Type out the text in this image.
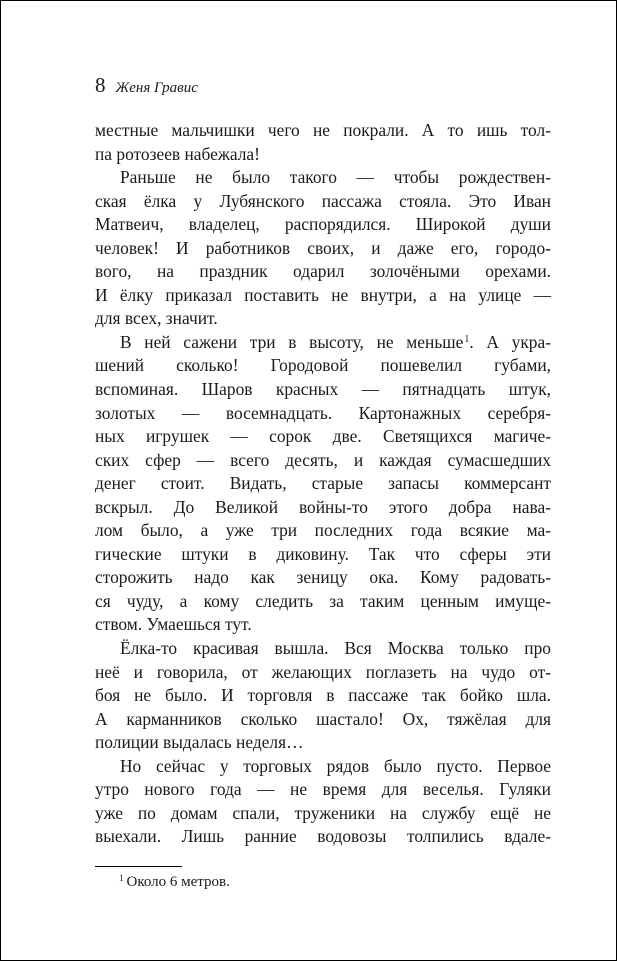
8 Женя Гравис
местные мальчишки чего не покрали. А то ишь тол-
па ротозеев набежала!
Раньше не было такого — чтобы рождествен-
ская ёлка у Лубянского пассажа стояла. Это Иван
Матвеич, владелец, распорядился. Широкой души
человек! И работников своих, и даже его, городо-
вого, на праздник одарил золочёными орехами.
И ёлку приказал поставить не внутри, а на улице —
для всех, значит.
В ней сажени три в высоту, не меньше$^1$. А укра-
шений сколько! Городовой пошевелил губами,
вспоминая. Шаров красных — пятнадцать штук,
золотых — восемнадцать. Картонажных серебря-
ных игрушек — сорок две. Светящихся магиче-
ских сфер — всего десять, и каждая сумасшедших
денег стоит. Видать, старые запасы коммерсант
вскрыл. До Великой войны-то этого добра нава-
лом было, а уже три последних года всякие ма-
гические штуки в диковину. Так что сферы эти
сторожить надо как зеницу ока. Кому радовать-
ся чуду, а кому следить за таким ценным имуще-
ством. Умаешься тут.
Ёлка-то красивая вышла. Вся Москва только про
неё и говорила, от желающих поглазеть на чудо от-
боя не было. И торговля в пассаже так бойко шла.
А карманников сколько шастало! Ох, тяжёлая для
полиции выдалась неделя…
Но сейчас у торговых рядов было пусто. Первое
утро нового года — не время для веселья. Гуляки
уже по домам спали, труженики на службу ещё не
выехали. Лишь ранние водовозы толпились вдале-
$^1$ Около 6 метров.
